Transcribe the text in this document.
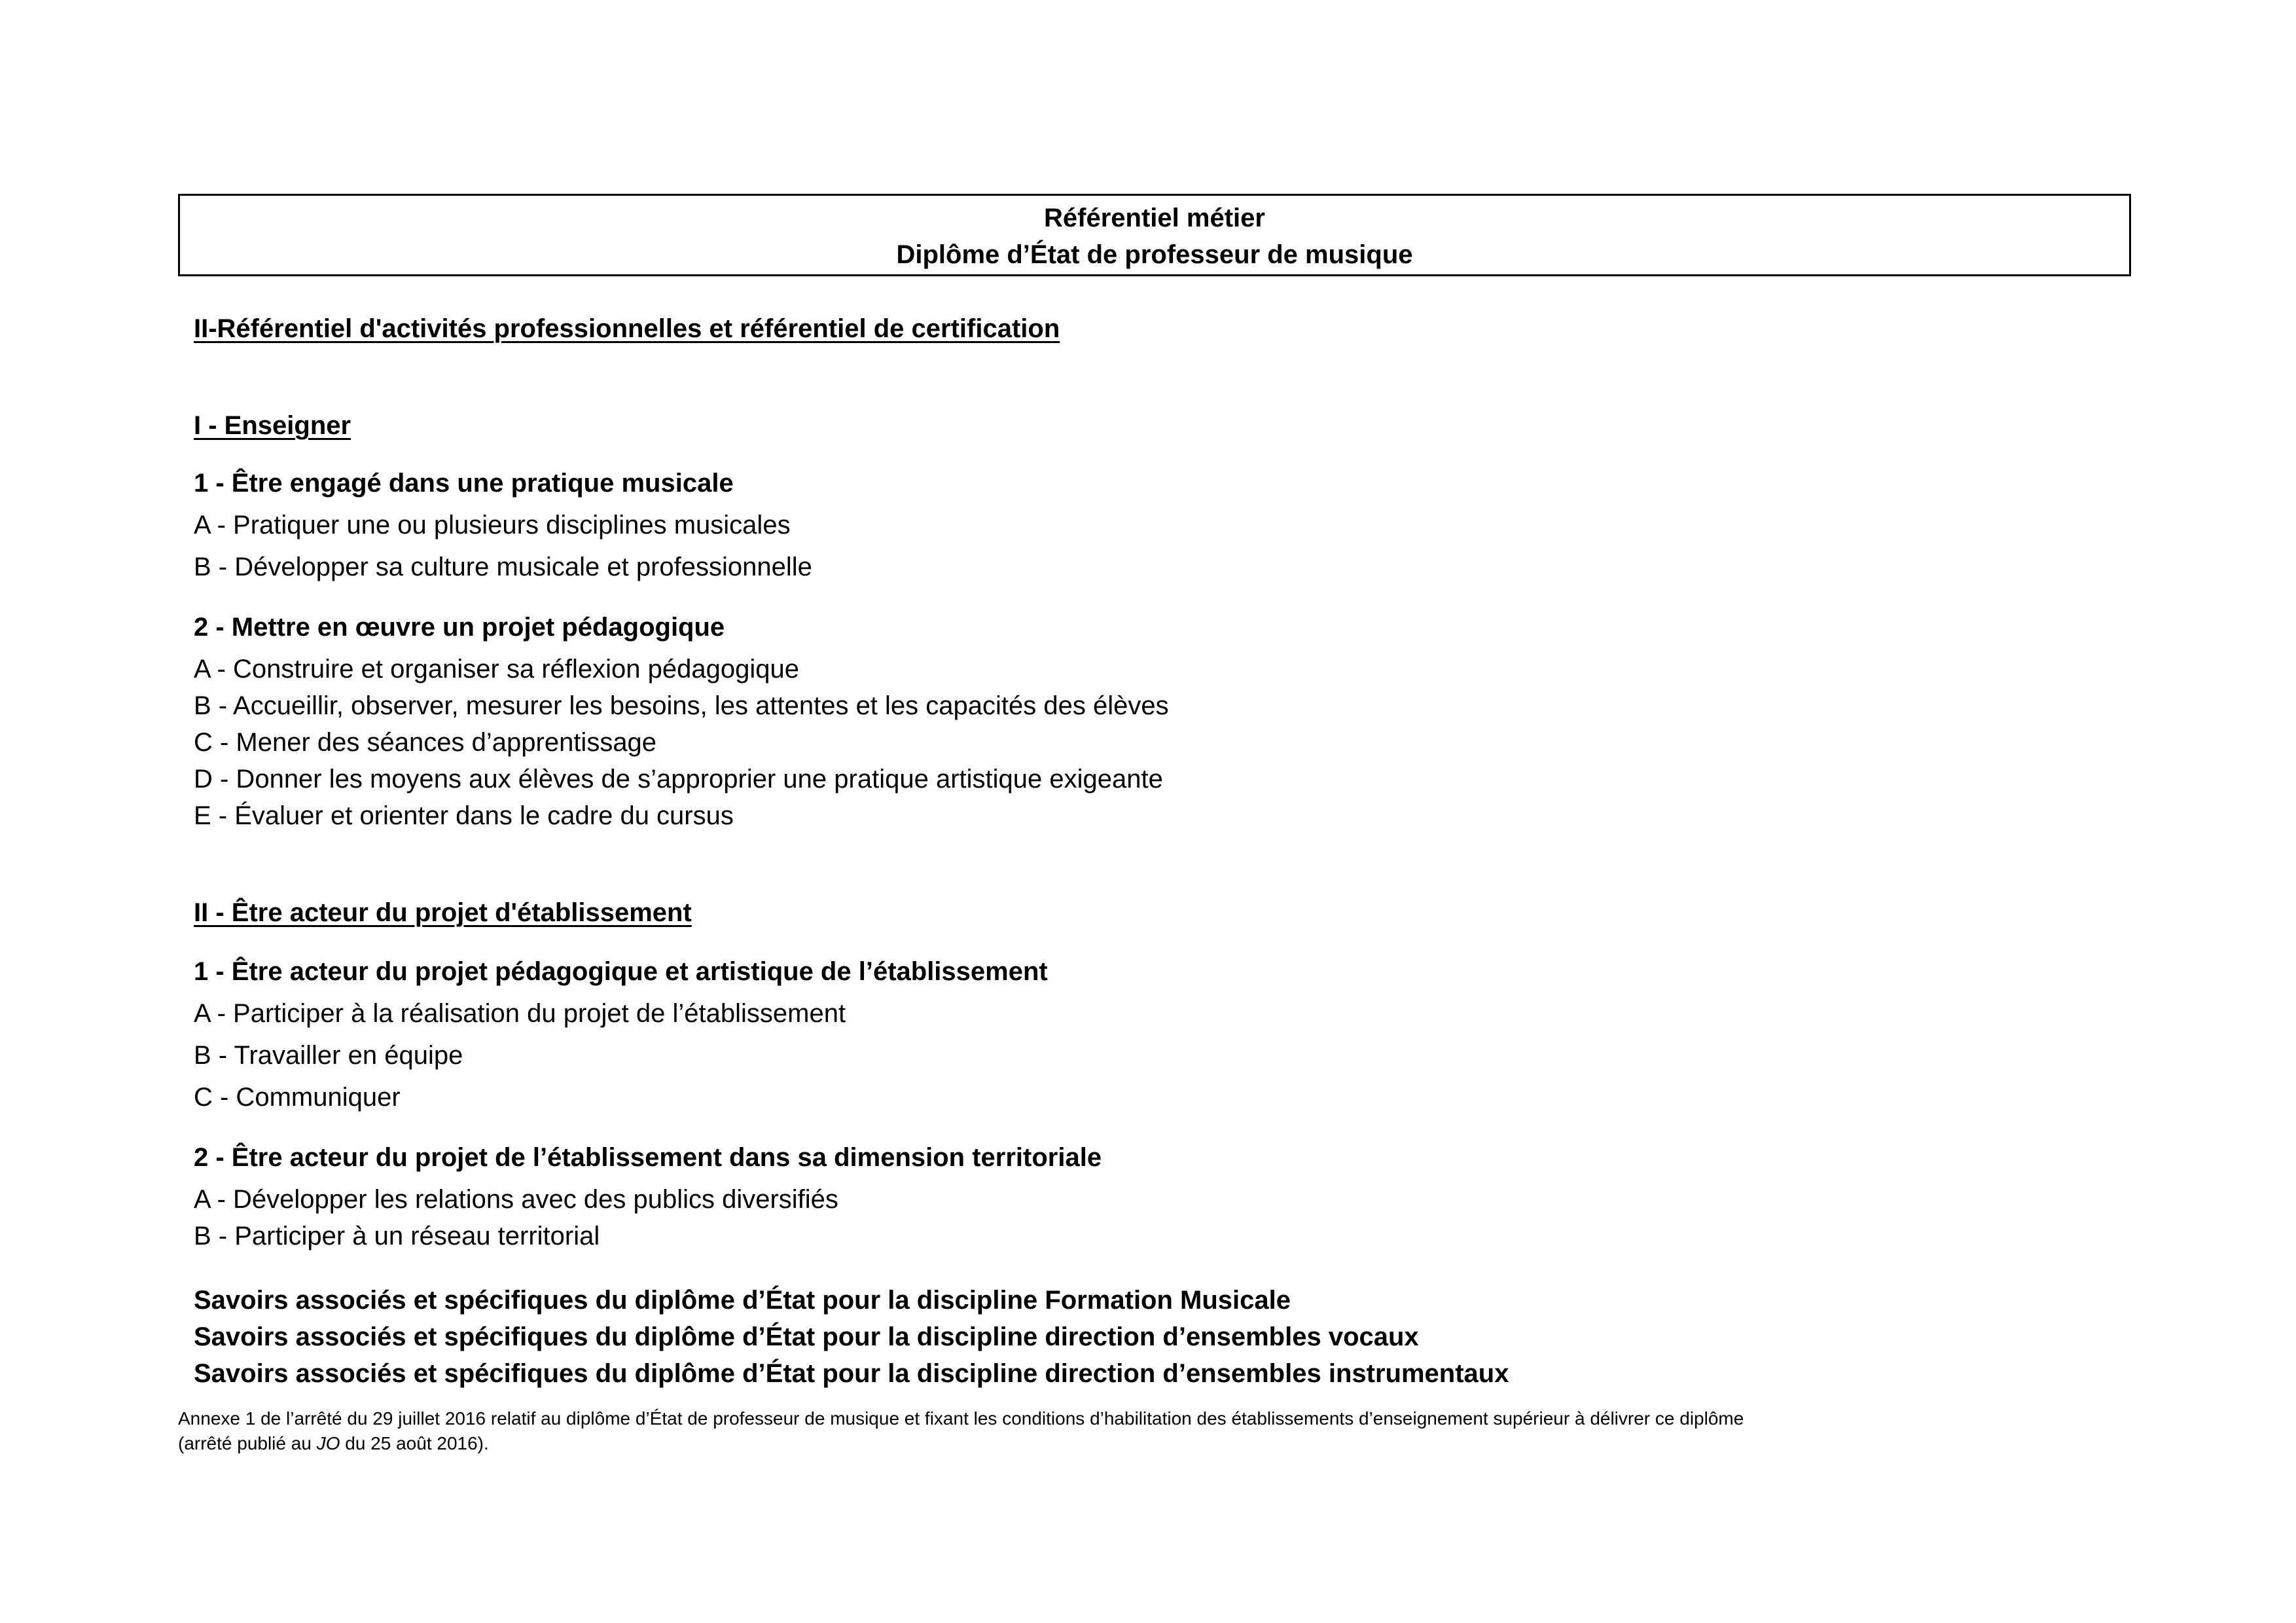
Référentiel métier
Diplôme d’État de professeur de musique
II-Référentiel d'activités professionnelles et référentiel de certification
I - Enseigner
1 - Être engagé dans une pratique musicale
A - Pratiquer une ou plusieurs disciplines musicales
B - Développer sa culture musicale et professionnelle
2 - Mettre en œuvre un projet pédagogique
A - Construire et organiser sa réflexion pédagogique
B - Accueillir, observer, mesurer les besoins, les attentes et les capacités des élèves
C - Mener des séances d’apprentissage
D - Donner les moyens aux élèves de s’approprier une pratique artistique exigeante
E - Évaluer et orienter dans le cadre du cursus
II - Être acteur du projet d'établissement
1 - Être acteur du projet pédagogique et artistique de l’établissement
A - Participer à la réalisation du projet de l’établissement
B - Travailler en équipe
C - Communiquer
2 - Être acteur du projet de l’établissement dans sa dimension territoriale
A - Développer les relations avec des publics diversifiés
B - Participer à un réseau territorial
Savoirs associés et spécifiques du diplôme d’État pour la discipline Formation Musicale
Savoirs associés et spécifiques du diplôme d’État pour la discipline direction d’ensembles vocaux
Savoirs associés et spécifiques du diplôme d’État pour la discipline direction d’ensembles instrumentaux
Annexe 1 de l’arrêté du 29 juillet 2016 relatif au diplôme d’État de professeur de musique et fixant les conditions d’habilitation des établissements d’enseignement supérieur à délivrer ce diplôme
(arrêté publié au JO du 25 août 2016).
